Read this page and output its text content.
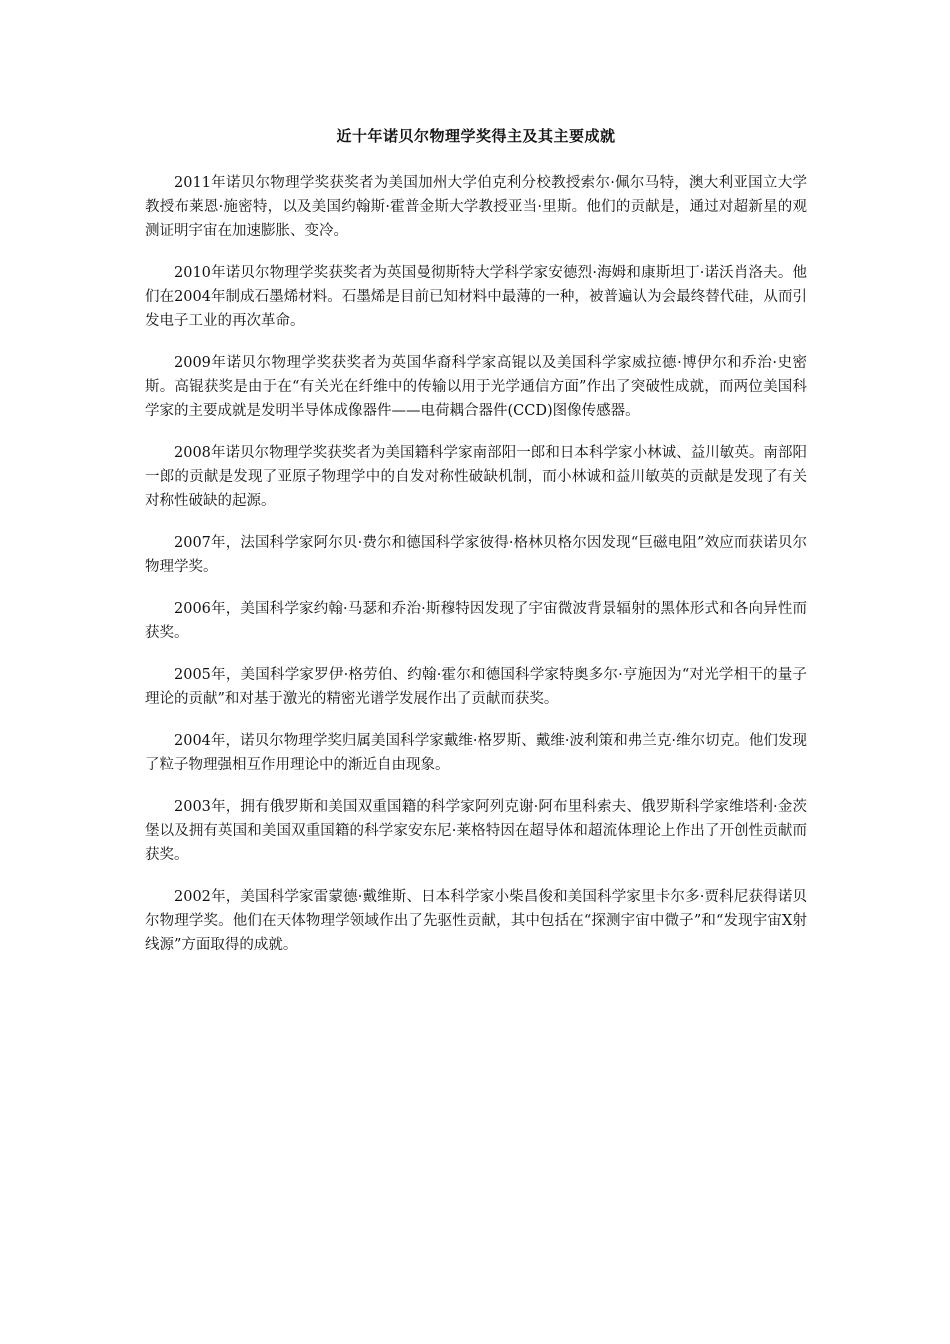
近十年诺贝尔物理学奖得主及其主要成就

2011年诺贝尔物理学奖获奖者为美国加州大学伯克利分校教授索尔·佩尔马特，澳大利亚国立大学教授布莱恩·施密特，以及美国约翰斯·霍普金斯大学教授亚当·里斯。他们的贡献是，通过对超新星的观测证明宇宙在加速膨胀、变冷。

2010年诺贝尔物理学奖获奖者为英国曼彻斯特大学科学家安德烈·海姆和康斯坦丁·诺沃肖洛夫。他们在2004年制成石墨烯材料。石墨烯是目前已知材料中最薄的一种，被普遍认为会最终替代硅，从而引发电子工业的再次革命。

2009年诺贝尔物理学奖获奖者为英国华裔科学家高锟以及美国科学家威拉德·博伊尔和乔治·史密斯。高锟获奖是由于在“有关光在纤维中的传输以用于光学通信方面”作出了突破性成就，而两位美国科学家的主要成就是发明半导体成像器件——电荷耦合器件(CCD)图像传感器。

2008年诺贝尔物理学奖获奖者为美国籍科学家南部阳一郎和日本科学家小林诚、益川敏英。南部阳一郎的贡献是发现了亚原子物理学中的自发对称性破缺机制，而小林诚和益川敏英的贡献是发现了有关对称性破缺的起源。

2007年，法国科学家阿尔贝·费尔和德国科学家彼得·格林贝格尔因发现“巨磁电阻”效应而获诺贝尔物理学奖。

2006年，美国科学家约翰·马瑟和乔治·斯穆特因发现了宇宙微波背景辐射的黑体形式和各向异性而获奖。

2005年，美国科学家罗伊·格劳伯、约翰·霍尔和德国科学家特奥多尔·亨施因为“对光学相干的量子理论的贡献”和对基于激光的精密光谱学发展作出了贡献而获奖。

2004年，诺贝尔物理学奖归属美国科学家戴维·格罗斯、戴维·波利策和弗兰克·维尔切克。他们发现了粒子物理强相互作用理论中的渐近自由现象。

2003年，拥有俄罗斯和美国双重国籍的科学家阿列克谢·阿布里科索夫、俄罗斯科学家维塔利·金茨堡以及拥有英国和美国双重国籍的科学家安东尼·莱格特因在超导体和超流体理论上作出了开创性贡献而获奖。

2002年，美国科学家雷蒙德·戴维斯、日本科学家小柴昌俊和美国科学家里卡尔多·贾科尼获得诺贝尔物理学奖。他们在天体物理学领域作出了先驱性贡献，其中包括在“探测宇宙中微子”和“发现宇宙X射线源”方面取得的成就。
